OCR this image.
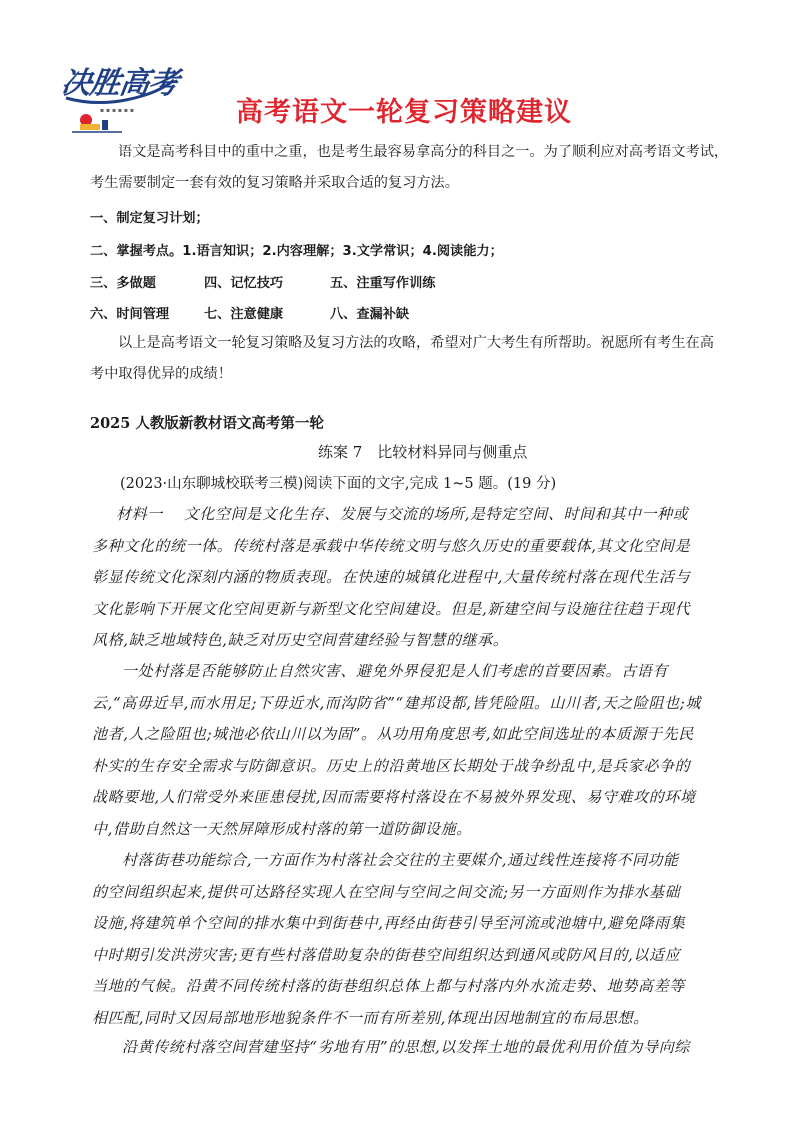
▪ ▪ ▪ ▪ ▪ ▪
决胜高考
高考语文一轮复习策略建议
语文是高考科目中的重中之重，也是考生最容易拿高分的科目之一。为了顺利应对高考语文考试，
考生需要制定一套有效的复习策略并采取合适的复习方法。
一、制定复习计划；
二、掌握考点。1.语言知识；2.内容理解；3.文学常识；4.阅读能力；
三、多做题	四、记忆技巧	五、注重写作训练
六、时间管理	七、注意健康	八、查漏补缺
以上是高考语文一轮复习策略及复习方法的攻略，希望对广大考生有所帮助。祝愿所有考生在高
考中取得优异的成绩！
2025 人教版新教材语文高考第一轮
练案 7　比较材料异同与侧重点
(2023·山东聊城校联考三模)阅读下面的文字,完成 1~5 题。(19 分)
材料一　 文化空间是文化生存、发展与交流的场所,是特定空间、时间和其中一种或
多种文化的统一体。传统村落是承载中华传统文明与悠久历史的重要载体,其文化空间是
彰显传统文化深刻内涵的物质表现。在快速的城镇化进程中,大量传统村落在现代生活与
文化影响下开展文化空间更新与新型文化空间建设。但是,新建空间与设施往往趋于现代
风格,缺乏地域特色,缺乏对历史空间营建经验与智慧的继承。
一处村落是否能够防止自然灾害、避免外界侵犯是人们考虑的首要因素。古语有
云,“高毋近旱,而水用足;下毋近水,而沟防省”“建邦设都,皆凭险阻。山川者,天之险阻也;城
池者,人之险阻也;城池必依山川以为固”。从功用角度思考,如此空间选址的本质源于先民
朴实的生存安全需求与防御意识。历史上的沿黄地区长期处于战争纷乱中,是兵家必争的
战略要地,人们常受外来匪患侵扰,因而需要将村落设在不易被外界发现、易守难攻的环境
中,借助自然这一天然屏障形成村落的第一道防御设施。
村落街巷功能综合,一方面作为村落社会交往的主要媒介,通过线性连接将不同功能
的空间组织起来,提供可达路径实现人在空间与空间之间交流;另一方面则作为排水基础
设施,将建筑单个空间的排水集中到街巷中,再经由街巷引导至河流或池塘中,避免降雨集
中时期引发洪涝灾害;更有些村落借助复杂的街巷空间组织达到通风或防风目的,以适应
当地的气候。沿黄不同传统村落的街巷组织总体上都与村落内外水流走势、地势高差等
相匹配,同时又因局部地形地貌条件不一而有所差别,体现出因地制宜的布局思想。
沿黄传统村落空间营建坚持“劣地有用”的思想,以发挥土地的最优利用价值为导向综
